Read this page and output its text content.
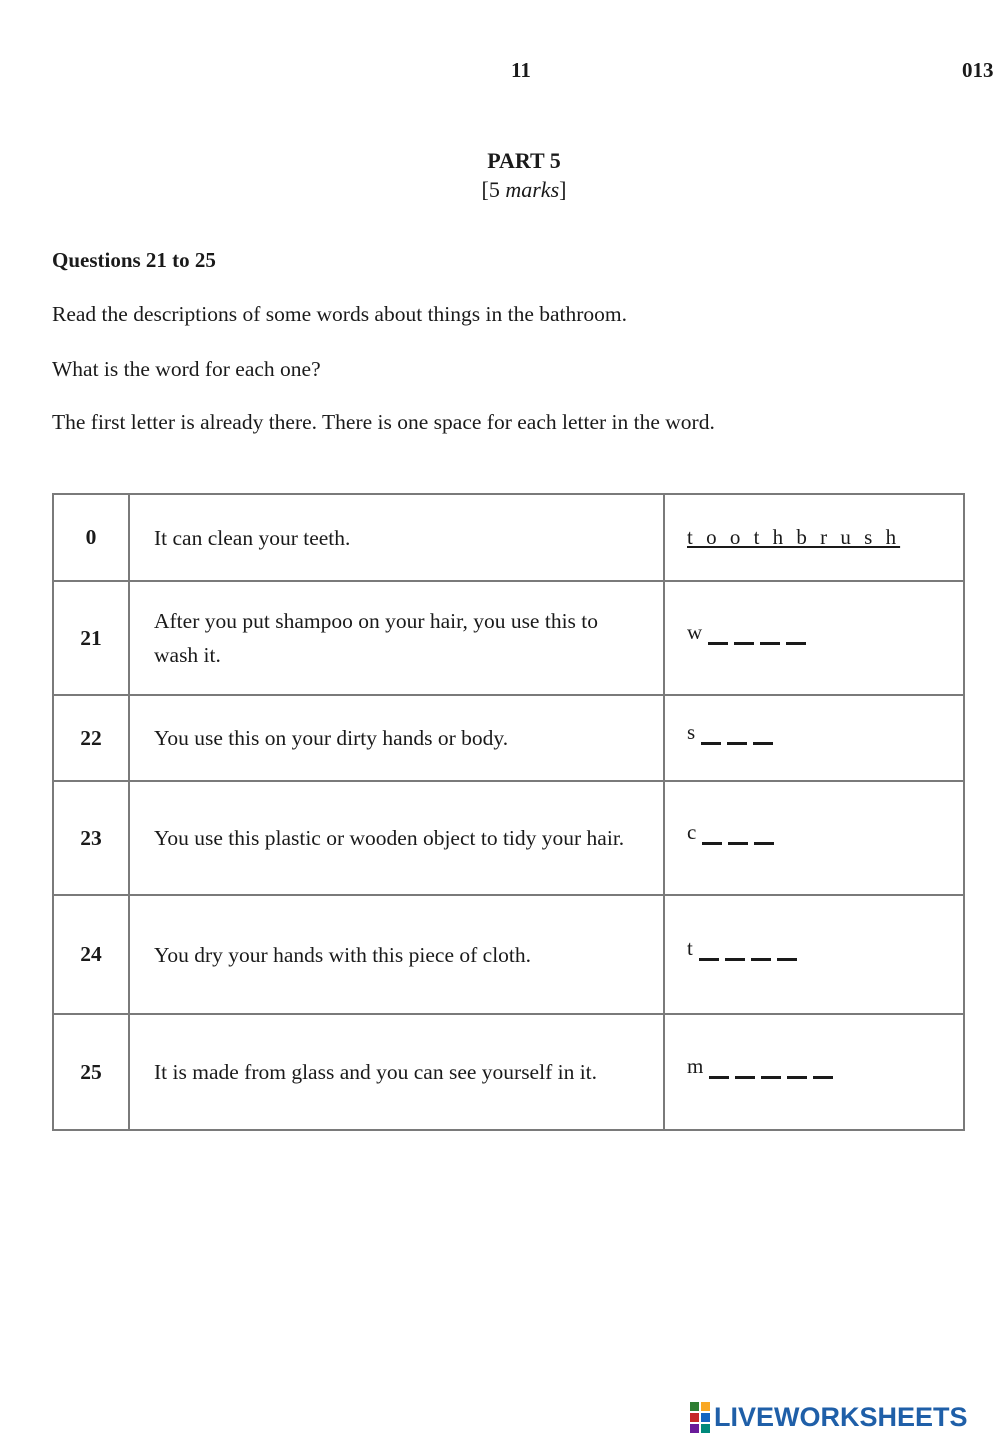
11	013
PART 5
[5 marks]
Questions 21 to 25
Read the descriptions of some words about things in the bathroom.
What is the word for each one?
The first letter is already there. There is one space for each letter in the word.
0	It can clean your teeth.	t o o t h b r u s h
21	After you put shampoo on your hair, you use this to wash it.	w
22	You use this on your dirty hands or body.	s
23	You use this plastic or wooden object to tidy your hair.	c
24	You dry your hands with this piece of cloth.	t
25	It is made from glass and you can see yourself in it.	m
LIVEWORKSHEETS
